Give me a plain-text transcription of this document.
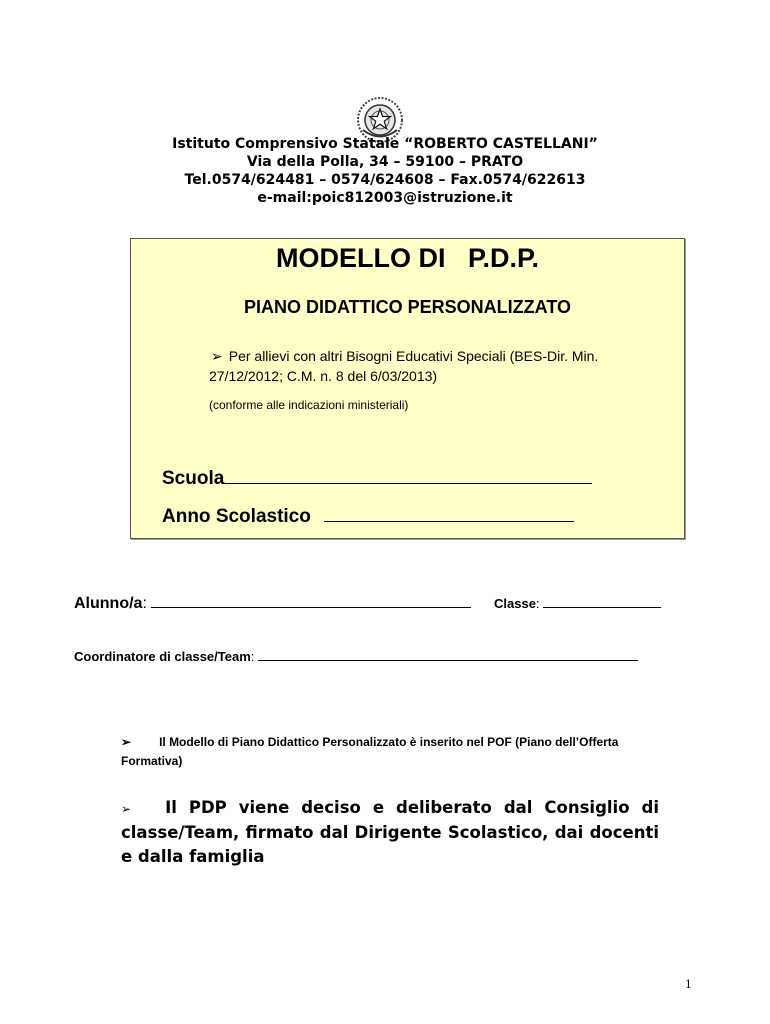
Istituto Comprensivo Statale “ROBERTO CASTELLANI”
Via della Polla, 34 – 59100 – PRATO
Tel.0574/624481 – 0574/624608 – Fax.0574/622613
e-mail:poic812003@istruzione.it
MODELLO DI   P.D.P.
PIANO DIDATTICO PERSONALIZZATO
➢ Per allievi con altri Bisogni Educativi Speciali (BES-Dir. Min. 27/12/2012; C.M. n. 8 del 6/03/2013)
(conforme alle indicazioni ministeriali)
Scuola
Anno Scolastico
Alunno/a:	Classe:
Coordinatore di classe/Team:
➢ Il Modello di Piano Didattico Personalizzato è inserito nel POF (Piano dell’Offerta Formativa)
➢ Il PDP viene deciso e deliberato dal Consiglio di classe/Team, firmato dal Dirigente Scolastico, dai docenti e dalla famiglia
1
